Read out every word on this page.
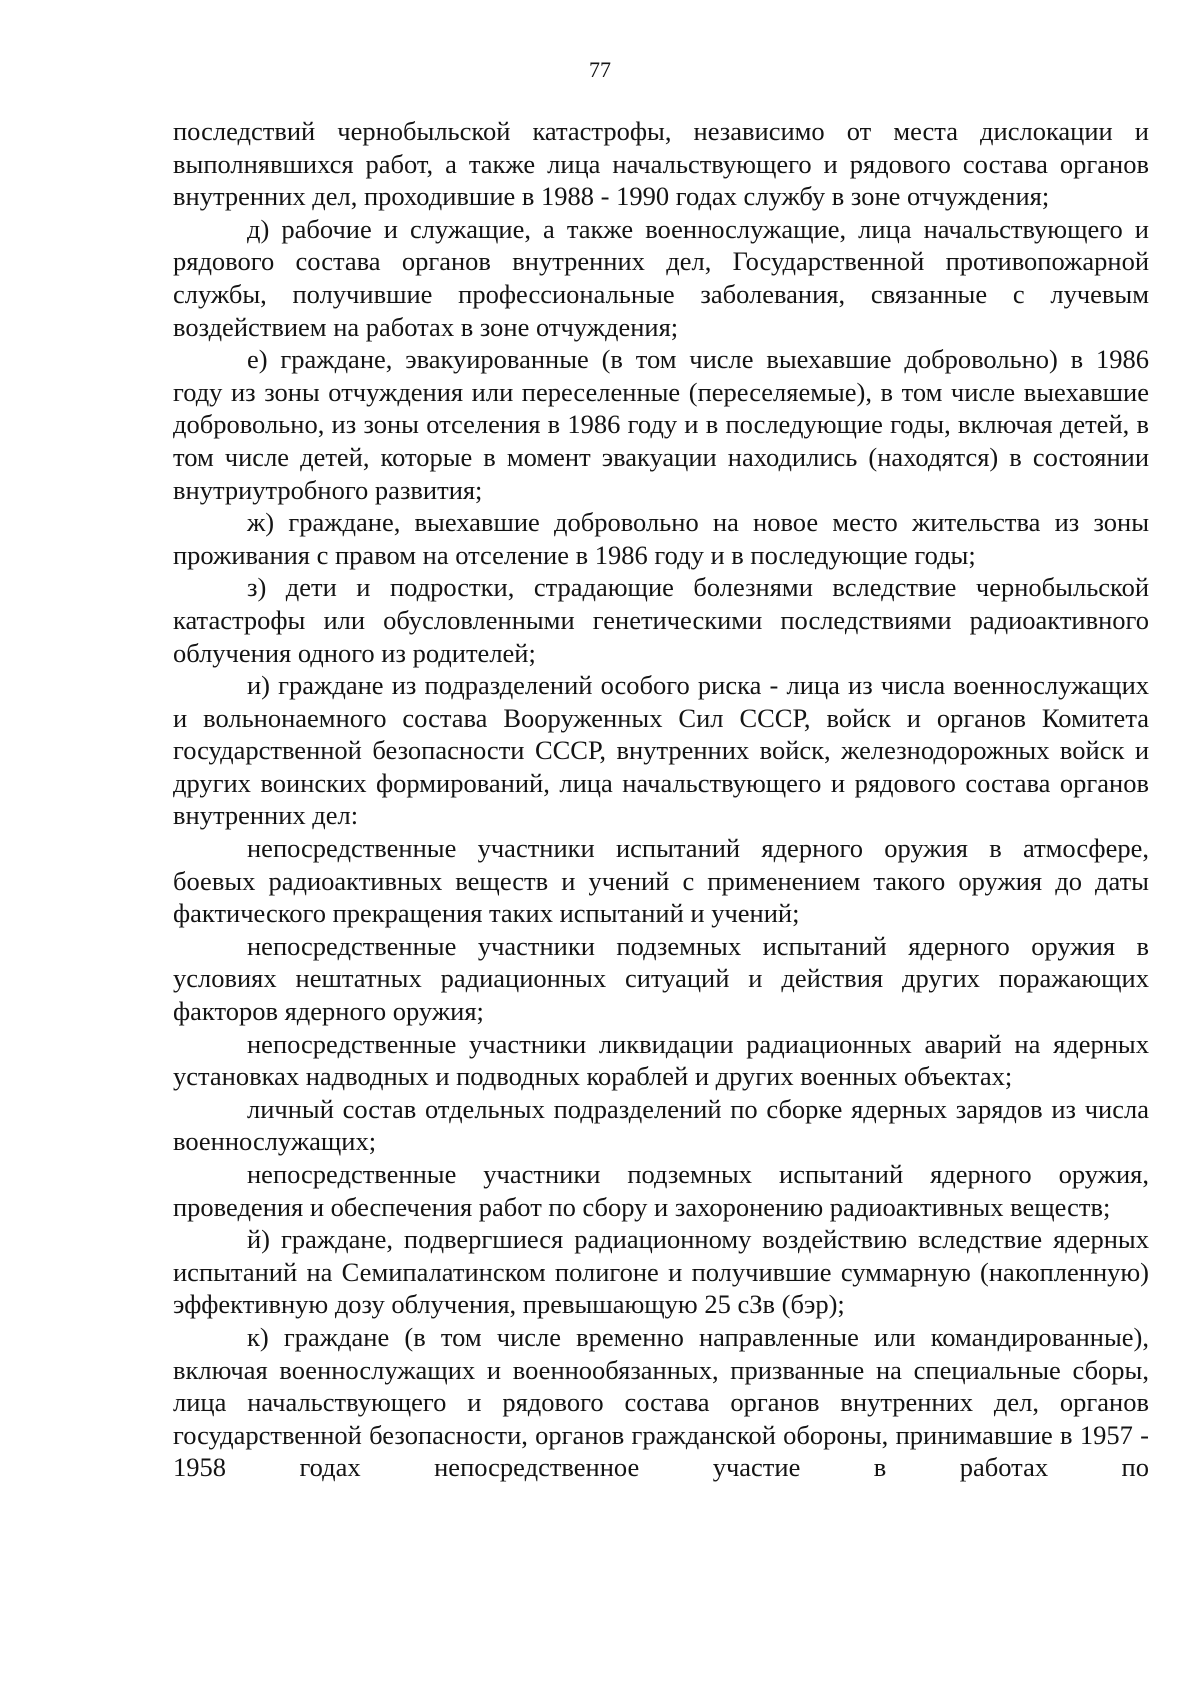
77

последствий чернобыльской катастрофы, независимо от места дислокации и выполнявшихся работ, а также лица начальствующего и рядового состава органов внутренних дел, проходившие в 1988 - 1990 годах службу в зоне отчуждения;

д) рабочие и служащие, а также военнослужащие, лица начальствующего и рядового состава органов внутренних дел, Государственной противопожарной службы, получившие профессиональные заболевания, связанные с лучевым воздействием на работах в зоне отчуждения;

е) граждане, эвакуированные (в том числе выехавшие добровольно) в 1986 году из зоны отчуждения или переселенные (переселяемые), в том числе выехавшие добровольно, из зоны отселения в 1986 году и в последующие годы, включая детей, в том числе детей, которые в момент эвакуации находились (находятся) в состоянии внутриутробного развития;

ж) граждане, выехавшие добровольно на новое место жительства из зоны проживания с правом на отселение в 1986 году и в последующие годы;

з) дети и подростки, страдающие болезнями вследствие чернобыльской катастрофы или обусловленными генетическими последствиями радиоактивного облучения одного из родителей;

и) граждане из подразделений особого риска - лица из числа военнослужащих и вольнонаемного состава Вооруженных Сил СССР, войск и органов Комитета государственной безопасности СССР, внутренних войск, железнодорожных войск и других воинских формирований, лица начальствующего и рядового состава органов внутренних дел:

непосредственные участники испытаний ядерного оружия в атмосфере, боевых радиоактивных веществ и учений с применением такого оружия до даты фактического прекращения таких испытаний и учений;

непосредственные участники подземных испытаний ядерного оружия в условиях нештатных радиационных ситуаций и действия других поражающих факторов ядерного оружия;

непосредственные участники ликвидации радиационных аварий на ядерных установках надводных и подводных кораблей и других военных объектах;

личный состав отдельных подразделений по сборке ядерных зарядов из числа военнослужащих;

непосредственные участники подземных испытаний ядерного оружия, проведения и обеспечения работ по сбору и захоронению радиоактивных веществ;

й) граждане, подвергшиеся радиационному воздействию вследствие ядерных испытаний на Семипалатинском полигоне и получившие суммарную (накопленную) эффективную дозу облучения, превышающую 25 сЗв (бэр);

к) граждане (в том числе временно направленные или командированные), включая военнослужащих и военнообязанных, призванные на специальные сборы, лица начальствующего и рядового состава органов внутренних дел, органов государственной безопасности, органов гражданской обороны, принимавшие в 1957 - 1958 годах непосредственное участие в работах по
